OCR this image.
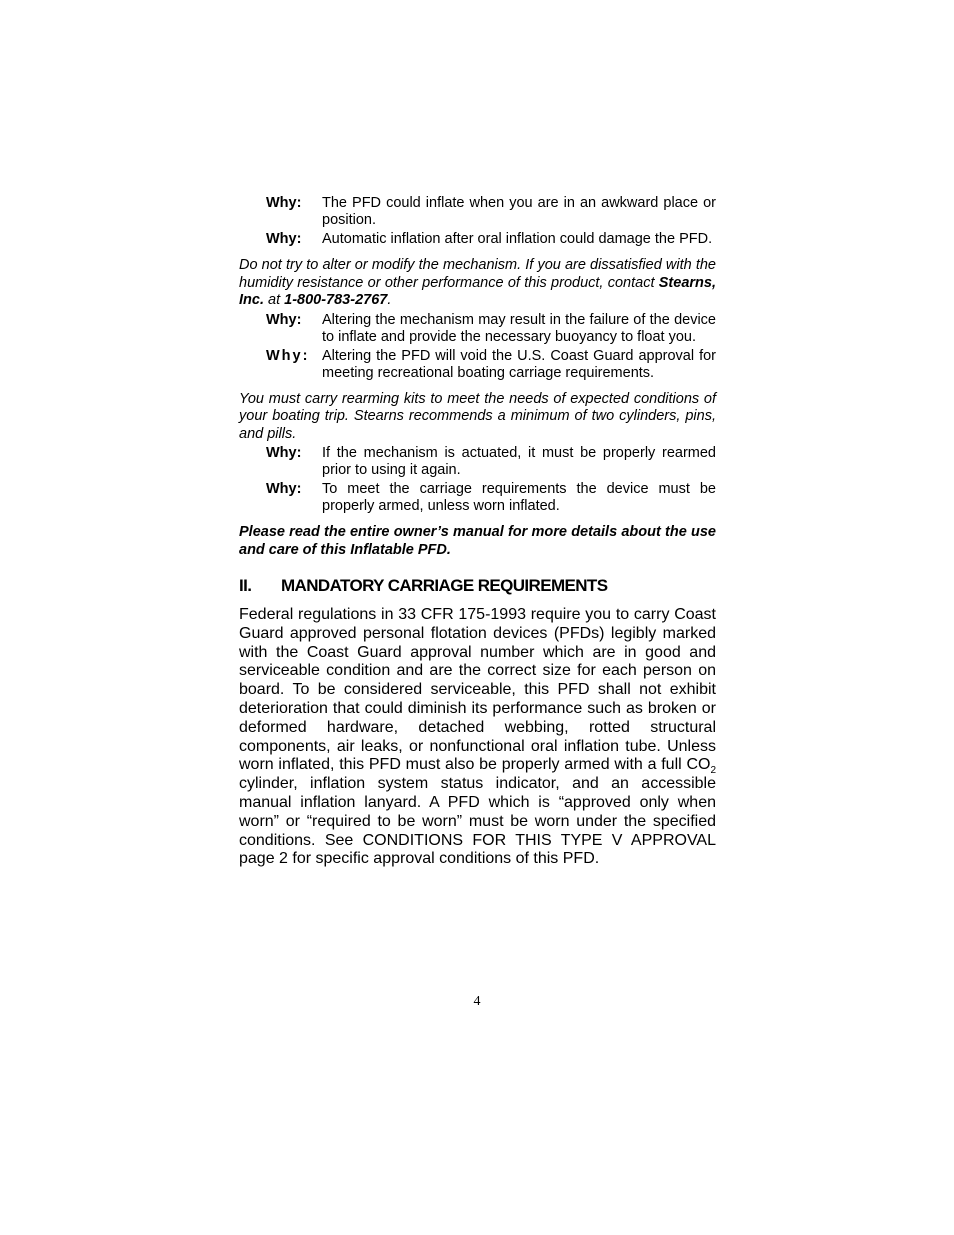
Why:	The PFD could inflate when you are in an awkward place or position.
Why:	Automatic inflation after oral inflation could damage the PFD.

Do not try to alter or modify the mechanism. If you are dissatisfied with the humidity resistance or other performance of this product, contact Stearns, Inc. at 1-800-783-2767.

Why:	Altering the mechanism may result in the failure of the device to inflate and provide the necessary buoyancy to float you.
Why: Altering the PFD will void the U.S. Coast Guard approval for meeting recreational boating carriage requirements.

You must carry rearming kits to meet the needs of expected conditions of your boating trip. Stearns recommends a minimum of two cylinders, pins, and pills.

Why:	If the mechanism is actuated, it must be properly rearmed prior to using it again.
Why:	To meet the carriage requirements the device must be properly armed, unless worn inflated.

Please read the entire owner’s manual for more details about the use and care of this Inflatable PFD.

II.	MANDATORY CARRIAGE REQUIREMENTS

Federal regulations in 33 CFR 175-1993 require you to carry Coast Guard approved personal flotation devices (PFDs) legibly marked with the Coast Guard approval number which are in good and serviceable condition and are the correct size for each person on board. To be considered serviceable, this PFD shall not exhibit deterioration that could diminish its performance such as broken or deformed hardware, detached webbing, rotted structural components, air leaks, or nonfunctional oral inflation tube. Unless worn inflated, this PFD must also be properly armed with a full $CO_2$ cylinder, inflation system status indicator, and an accessible manual inflation lanyard. A PFD which is “approved only when worn” or “required to be worn” must be worn under the specified conditions. See CONDITIONS FOR THIS TYPE V APPROVAL page 2 for specific approval conditions of this PFD.

4
